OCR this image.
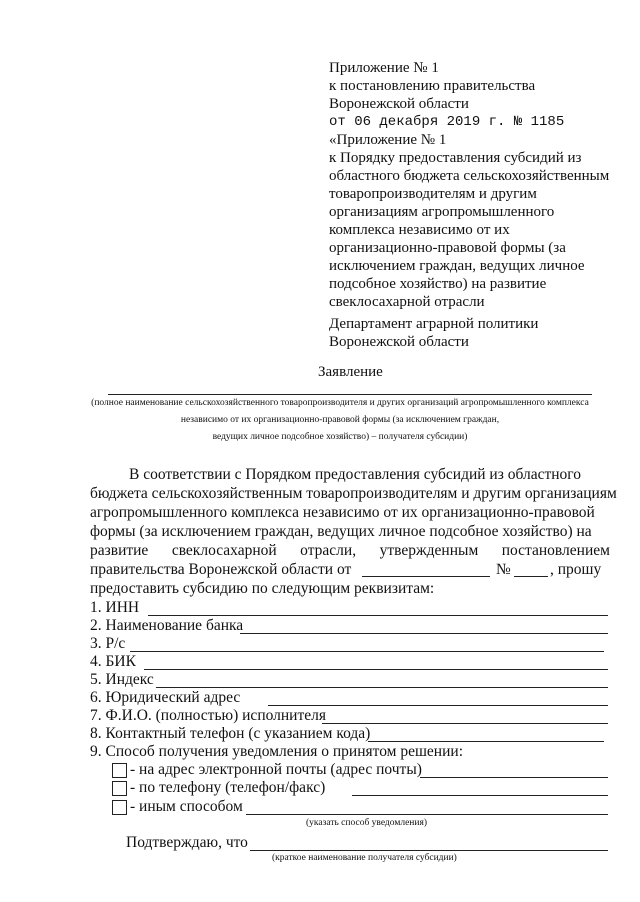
Приложение № 1
к постановлению правительства
Воронежской области
от 06 декабря 2019 г. № 1185
«Приложение № 1
к Порядку предоставления субсидий из
областного бюджета сельскохозяйственным
товаропроизводителям и другим
организациям агропромышленного
комплекса независимо от их
организационно-правовой формы (за
исключением граждан, ведущих личное
подсобное хозяйство) на развитие
свеклосахарной отрасли
Департамент аграрной политики
Воронежской области
Заявление
(полное наименование сельскохозяйственного товаропроизводителя и других организаций агропромышленного комплекса
независимо от их организационно-правовой формы (за исключением граждан,
ведущих личное подсобное хозяйство) – получателя субсидии)
В соответствии с Порядком предоставления субсидий из областного
бюджета сельскохозяйственным товаропроизводителям и другим организациям
агропромышленного комплекса независимо от их организационно-правовой
формы (за исключением граждан, ведущих личное подсобное хозяйство) на
развитие свеклосахарной отрасли, утвержденным постановлением
правительства Воронежской области от	№	, прошу
предоставить субсидию по следующим реквизитам:
1. ИНН
2. Наименование банка
3. Р/с
4. БИК
5. Индекс
6. Юридический адрес
7. Ф.И.О. (полностью) исполнителя
8. Контактный телефон (с указанием кода)
9. Способ получения уведомления о принятом решении:
- на адрес электронной почты (адрес почты)
- по телефону (телефон/факс)
- иным способом
(указать способ уведомления)
Подтверждаю, что
(краткое наименование получателя субсидии)
